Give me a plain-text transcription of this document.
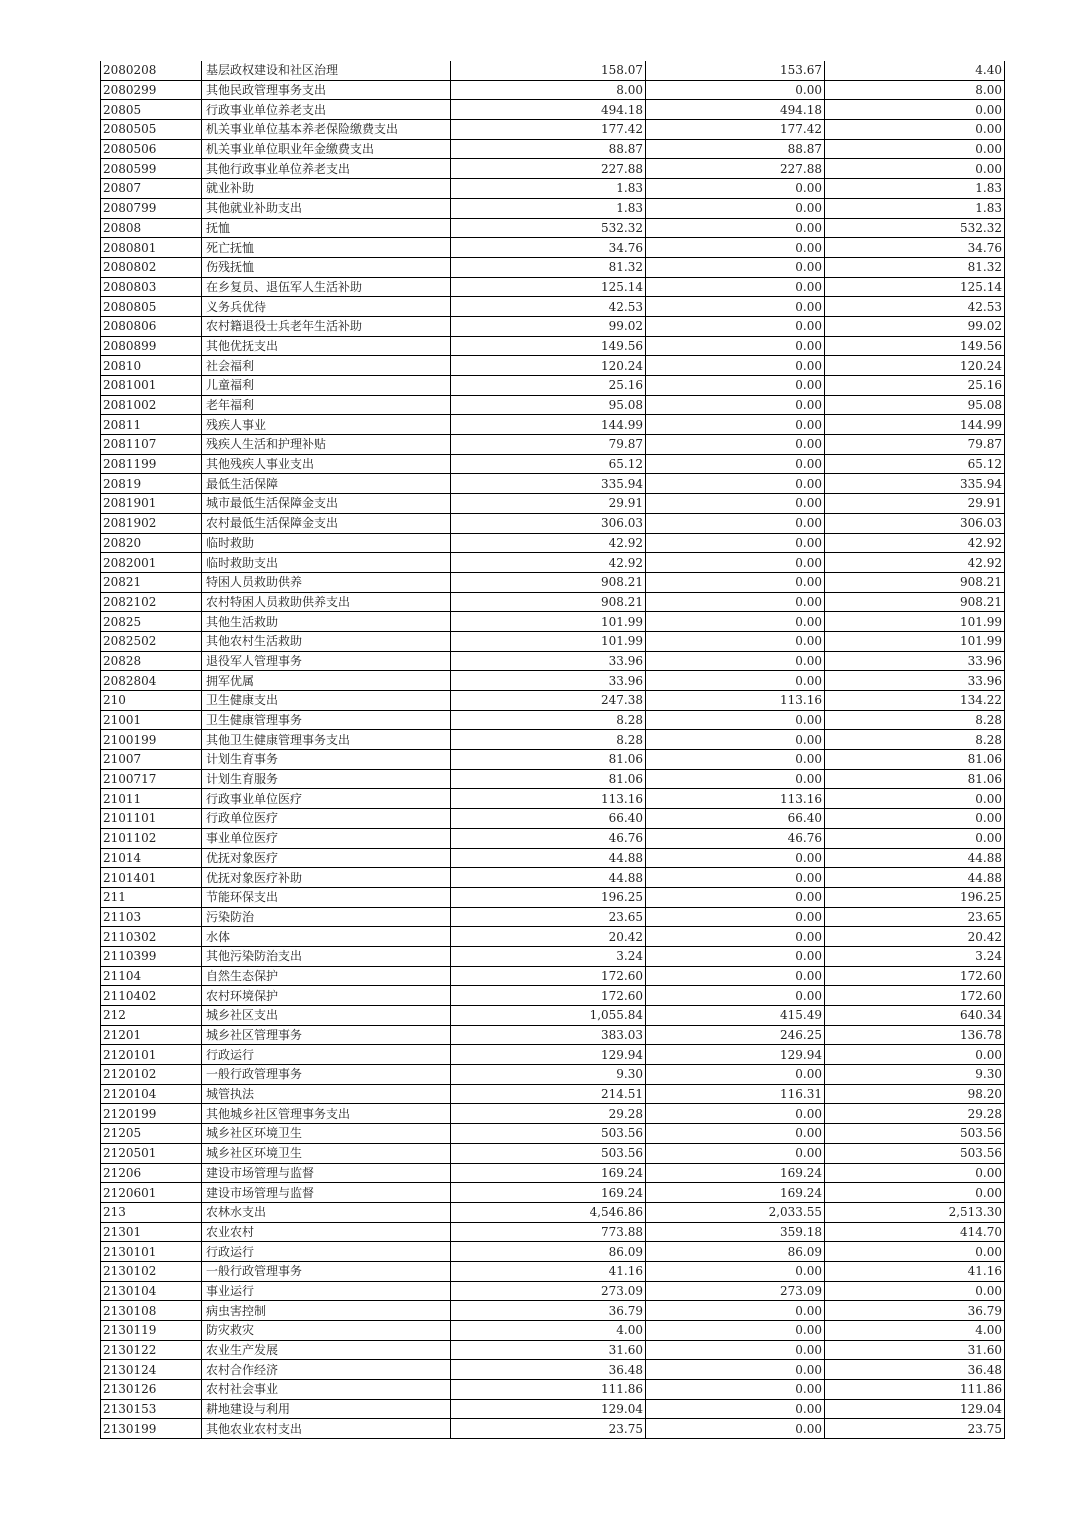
2080208	基层政权建设和社区治理	158.07	153.67	4.40
2080299	其他民政管理事务支出	8.00	0.00	8.00
20805	行政事业单位养老支出	494.18	494.18	0.00
2080505	机关事业单位基本养老保险缴费支出	177.42	177.42	0.00
2080506	机关事业单位职业年金缴费支出	88.87	88.87	0.00
2080599	其他行政事业单位养老支出	227.88	227.88	0.00
20807	就业补助	1.83	0.00	1.83
2080799	其他就业补助支出	1.83	0.00	1.83
20808	抚恤	532.32	0.00	532.32
2080801	死亡抚恤	34.76	0.00	34.76
2080802	伤残抚恤	81.32	0.00	81.32
2080803	在乡复员、退伍军人生活补助	125.14	0.00	125.14
2080805	义务兵优待	42.53	0.00	42.53
2080806	农村籍退役士兵老年生活补助	99.02	0.00	99.02
2080899	其他优抚支出	149.56	0.00	149.56
20810	社会福利	120.24	0.00	120.24
2081001	儿童福利	25.16	0.00	25.16
2081002	老年福利	95.08	0.00	95.08
20811	残疾人事业	144.99	0.00	144.99
2081107	残疾人生活和护理补贴	79.87	0.00	79.87
2081199	其他残疾人事业支出	65.12	0.00	65.12
20819	最低生活保障	335.94	0.00	335.94
2081901	城市最低生活保障金支出	29.91	0.00	29.91
2081902	农村最低生活保障金支出	306.03	0.00	306.03
20820	临时救助	42.92	0.00	42.92
2082001	临时救助支出	42.92	0.00	42.92
20821	特困人员救助供养	908.21	0.00	908.21
2082102	农村特困人员救助供养支出	908.21	0.00	908.21
20825	其他生活救助	101.99	0.00	101.99
2082502	其他农村生活救助	101.99	0.00	101.99
20828	退役军人管理事务	33.96	0.00	33.96
2082804	拥军优属	33.96	0.00	33.96
210	卫生健康支出	247.38	113.16	134.22
21001	卫生健康管理事务	8.28	0.00	8.28
2100199	其他卫生健康管理事务支出	8.28	0.00	8.28
21007	计划生育事务	81.06	0.00	81.06
2100717	计划生育服务	81.06	0.00	81.06
21011	行政事业单位医疗	113.16	113.16	0.00
2101101	行政单位医疗	66.40	66.40	0.00
2101102	事业单位医疗	46.76	46.76	0.00
21014	优抚对象医疗	44.88	0.00	44.88
2101401	优抚对象医疗补助	44.88	0.00	44.88
211	节能环保支出	196.25	0.00	196.25
21103	污染防治	23.65	0.00	23.65
2110302	水体	20.42	0.00	20.42
2110399	其他污染防治支出	3.24	0.00	3.24
21104	自然生态保护	172.60	0.00	172.60
2110402	农村环境保护	172.60	0.00	172.60
212	城乡社区支出	1,055.84	415.49	640.34
21201	城乡社区管理事务	383.03	246.25	136.78
2120101	行政运行	129.94	129.94	0.00
2120102	一般行政管理事务	9.30	0.00	9.30
2120104	城管执法	214.51	116.31	98.20
2120199	其他城乡社区管理事务支出	29.28	0.00	29.28
21205	城乡社区环境卫生	503.56	0.00	503.56
2120501	城乡社区环境卫生	503.56	0.00	503.56
21206	建设市场管理与监督	169.24	169.24	0.00
2120601	建设市场管理与监督	169.24	169.24	0.00
213	农林水支出	4,546.86	2,033.55	2,513.30
21301	农业农村	773.88	359.18	414.70
2130101	行政运行	86.09	86.09	0.00
2130102	一般行政管理事务	41.16	0.00	41.16
2130104	事业运行	273.09	273.09	0.00
2130108	病虫害控制	36.79	0.00	36.79
2130119	防灾救灾	4.00	0.00	4.00
2130122	农业生产发展	31.60	0.00	31.60
2130124	农村合作经济	36.48	0.00	36.48
2130126	农村社会事业	111.86	0.00	111.86
2130153	耕地建设与利用	129.04	0.00	129.04
2130199	其他农业农村支出	23.75	0.00	23.75
